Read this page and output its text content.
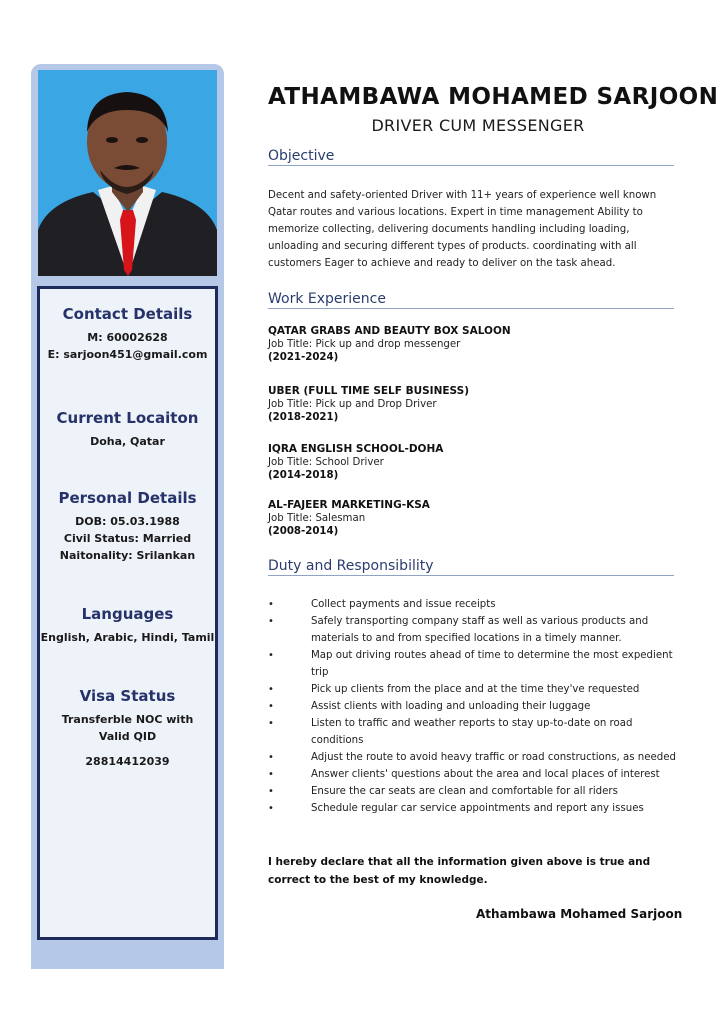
Contact Details
M: 60002628
E: sarjoon451@gmail.com
Current Locaiton
Doha, Qatar
Personal Details
DOB: 05.03.1988
Civil Status: Married
Naitonality: Srilankan
Languages
English, Arabic, Hindi, Tamil
Visa Status
Transferble NOC with
Valid QID
28814412039
ATHAMBAWA MOHAMED SARJOON
DRIVER CUM MESSENGER
Objective
Decent and safety-oriented Driver with 11+ years of experience well known Qatar routes and various locations. Expert in time management Ability to memorize collecting, delivering documents handling including loading, unloading and securing different types of products. coordinating with all customers Eager to achieve and ready to deliver on the task ahead.
Work Experience
QATAR GRABS AND BEAUTY BOX SALOON
Job Title: Pick up and drop messenger
(2021-2024)
UBER (FULL TIME SELF BUSINESS)
Job Title: Pick up and Drop Driver
(2018-2021)
IQRA ENGLISH SCHOOL-DOHA
Job Title: School Driver
(2014-2018)
AL-FAJEER MARKETING-KSA
Job Title: Salesman
(2008-2014)
Duty and Responsibility
•	Collect payments and issue receipts
•	Safely transporting company staff as well as various products and materials to and from specified locations in a timely manner.
•	Map out driving routes ahead of time to determine the most expedient trip
•	Pick up clients from the place and at the time they've requested
•	Assist clients with loading and unloading their luggage
•	Listen to traffic and weather reports to stay up-to-date on road conditions
•	Adjust the route to avoid heavy traffic or road constructions, as needed
•	Answer clients' questions about the area and local places of interest
•	Ensure the car seats are clean and comfortable for all riders
•	Schedule regular car service appointments and report any issues
I hereby declare that all the information given above is true and correct to the best of my knowledge.
Athambawa Mohamed Sarjoon
